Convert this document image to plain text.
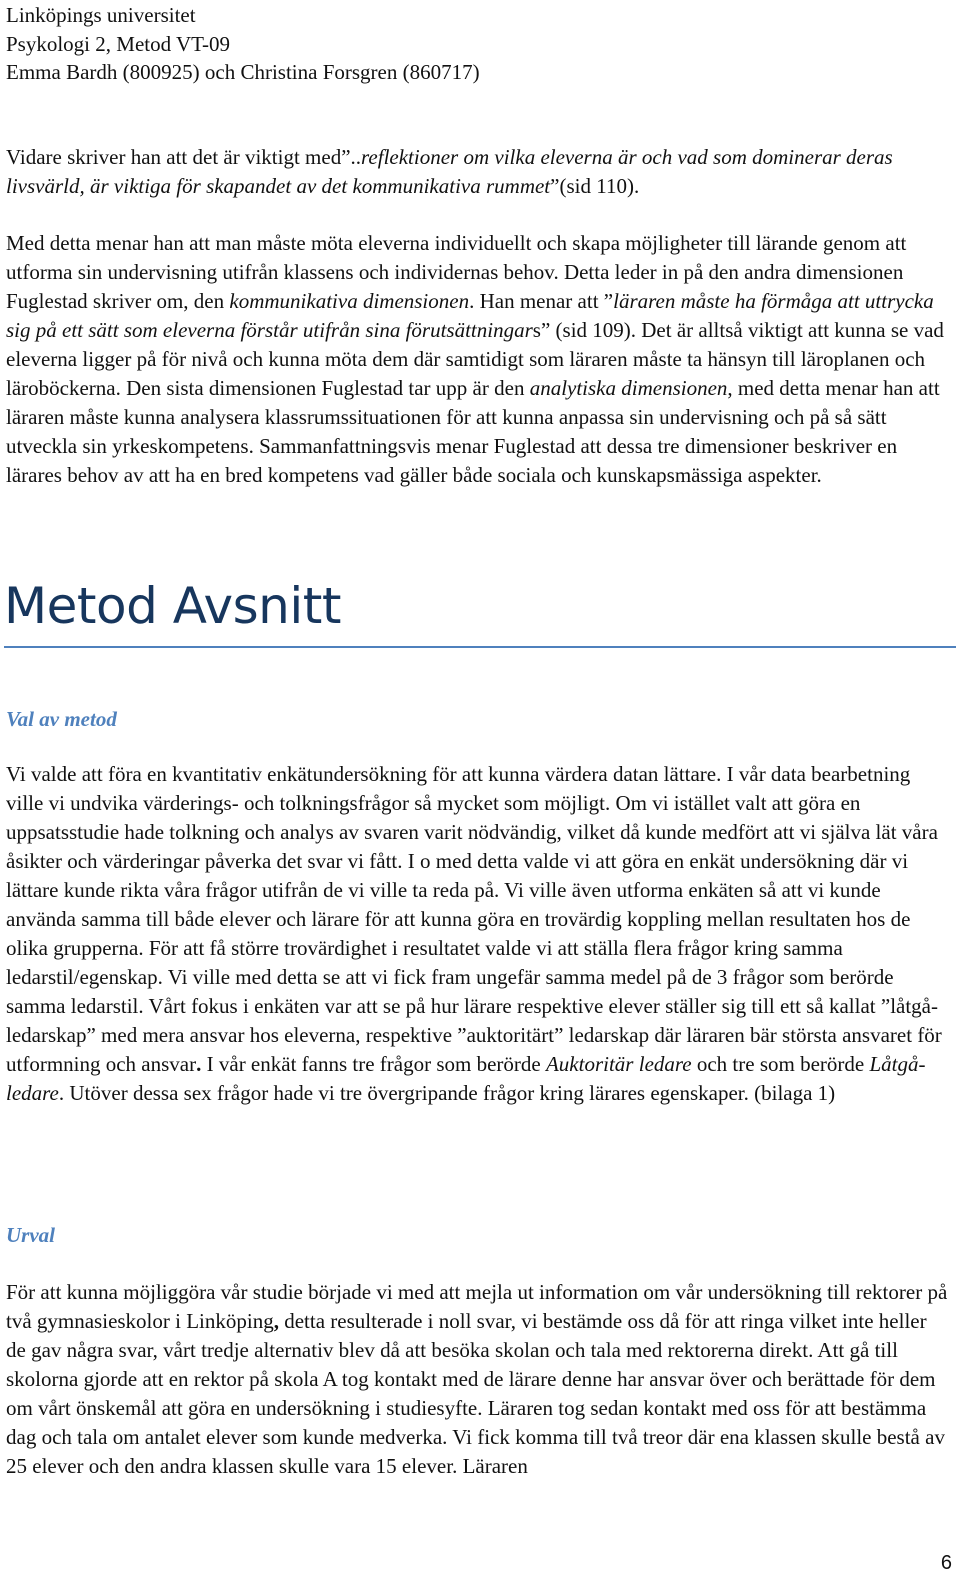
Linköpings universitet
Psykologi 2, Metod VT-09
Emma Bardh (800925) och Christina Forsgren (860717)

Vidare skriver han att det är viktigt med”..reflektioner om vilka eleverna är och vad som dominerar deras livsvärld, är viktiga för skapandet av det kommunikativa rummet”(sid 110).

Med detta menar han att man måste möta eleverna individuellt och skapa möjligheter till lärande genom att utforma sin undervisning utifrån klassens och individernas behov. Detta leder in på den andra dimensionen Fuglestad skriver om, den kommunikativa dimensionen. Han menar att ”läraren måste ha förmåga att uttrycka sig på ett sätt som eleverna förstår utifrån sina förutsättningars” (sid 109). Det är alltså viktigt att kunna se vad eleverna ligger på för nivå och kunna möta dem där samtidigt som läraren måste ta hänsyn till läroplanen och läroböckerna. Den sista dimensionen Fuglestad tar upp är den analytiska dimensionen, med detta menar han att läraren måste kunna analysera klassrumssituationen för att kunna anpassa sin undervisning och på så sätt utveckla sin yrkeskompetens. Sammanfattningsvis menar Fuglestad att dessa tre dimensioner beskriver en lärares behov av att ha en bred kompetens vad gäller både sociala och kunskapsmässiga aspekter.

Metod Avsnitt
Val av metod

Vi valde att föra en kvantitativ enkätundersökning för att kunna värdera datan lättare. I vår data bearbetning ville vi undvika värderings- och tolkningsfrågor så mycket som möjligt. Om vi istället valt att göra en uppsatsstudie hade tolkning och analys av svaren varit nödvändig, vilket då kunde medfört att vi själva lät våra åsikter och värderingar påverka det svar vi fått. I o med detta valde vi att göra en enkät undersökning där vi lättare kunde rikta våra frågor utifrån de vi ville ta reda på. Vi ville även utforma enkäten så att vi kunde använda samma till både elever och lärare för att kunna göra en trovärdig koppling mellan resultaten hos de olika grupperna. För att få större trovärdighet i resultatet valde vi att ställa flera frågor kring samma ledarstil/egenskap. Vi ville med detta se att vi fick fram ungefär samma medel på de 3 frågor som berörde samma ledarstil. Vårt fokus i enkäten var att se på hur lärare respektive elever ställer sig till ett så kallat ”låtgå-ledarskap” med mera ansvar hos eleverna, respektive ”auktoritärt” ledarskap där läraren bär största ansvaret för utformning och ansvar. I vår enkät fanns tre frågor som berörde Auktoritär ledare och tre som berörde Låtgå- ledare. Utöver dessa sex frågor hade vi tre övergripande frågor kring lärares egenskaper. (bilaga 1)

Urval

För att kunna möjliggöra vår studie började vi med att mejla ut information om vår undersökning till rektorer på två gymnasieskolor i Linköping, detta resulterade i noll svar, vi bestämde oss då för att ringa vilket inte heller de gav några svar, vårt tredje alternativ blev då att besöka skolan och tala med rektorerna direkt. Att gå till skolorna gjorde att en rektor på skola A tog kontakt med de lärare denne har ansvar över och berättade för dem om vårt önskemål att göra en undersökning i studiesyfte. Läraren tog sedan kontakt med oss för att bestämma dag och tala om antalet elever som kunde medverka. Vi fick komma till två treor där ena klassen skulle bestå av 25 elever och den andra klassen skulle vara 15 elever. Läraren

6
